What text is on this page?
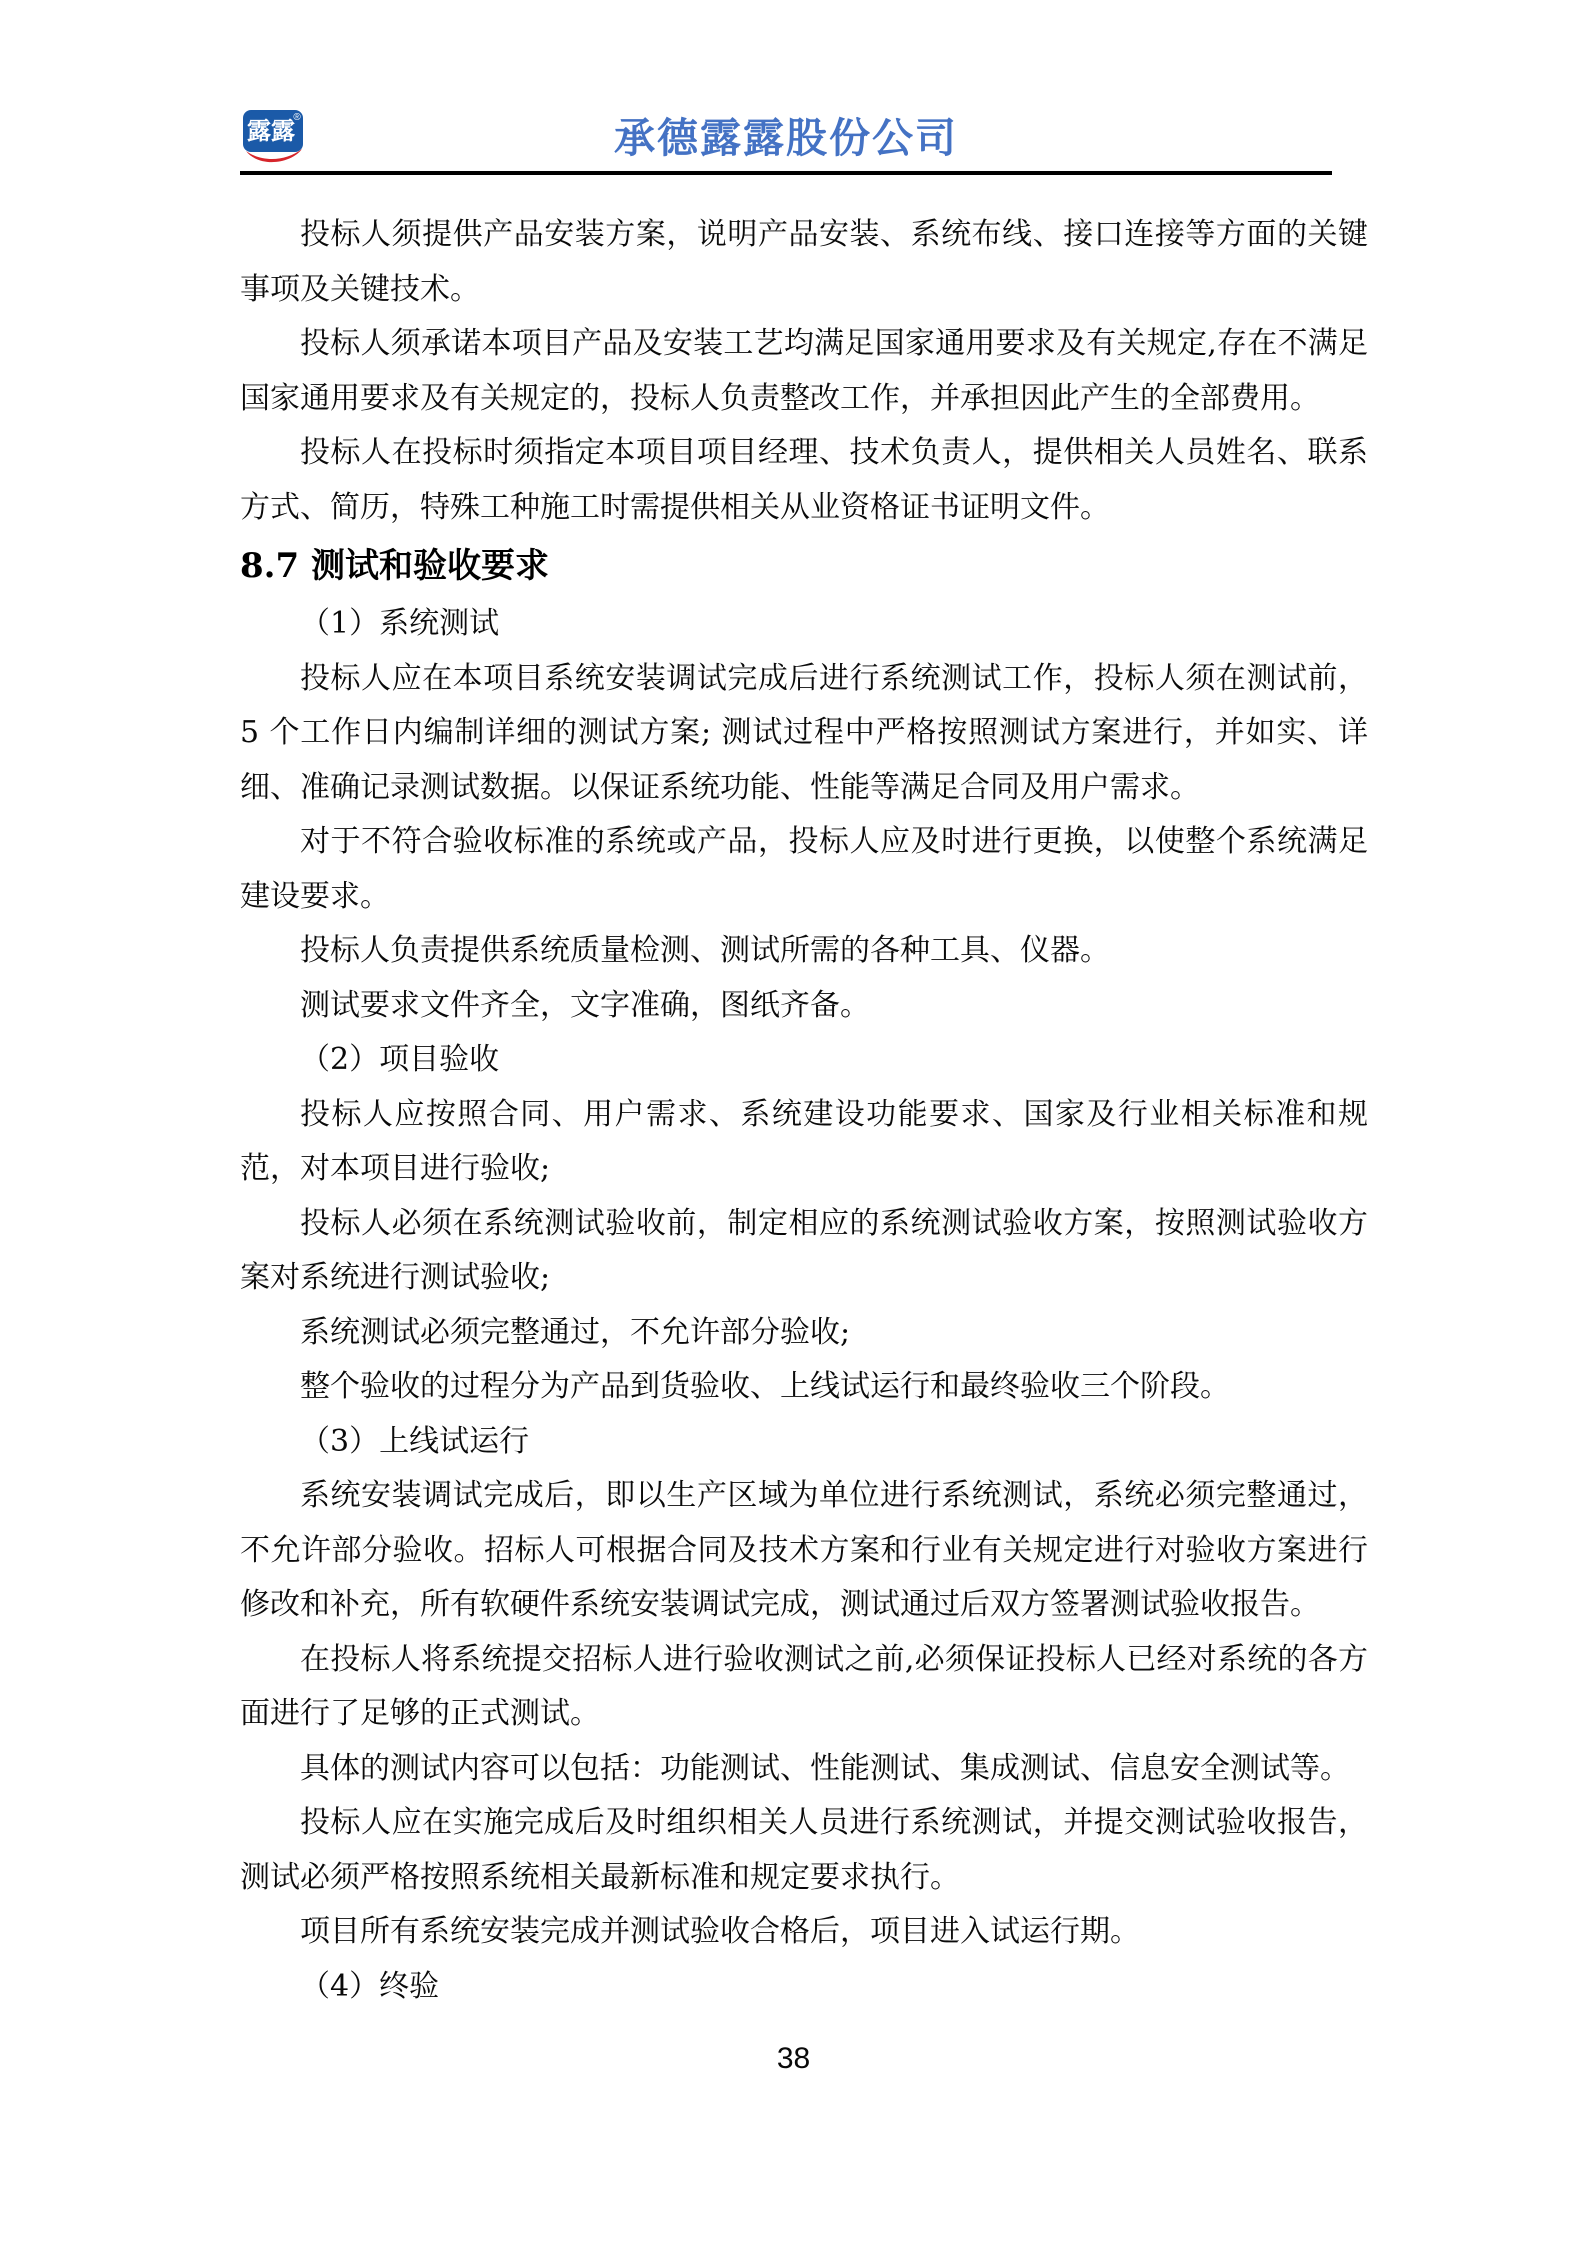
露露
®	承德露露股份公司

投标人须提供产品安装方案，说明产品安装、系统布线、接口连接等方面的关键事项及关键技术。

投标人须承诺本项目产品及安装工艺均满足国家通用要求及有关规定,存在不满足国家通用要求及有关规定的，投标人负责整改工作，并承担因此产生的全部费用。

投标人在投标时须指定本项目项目经理、技术负责人，提供相关人员姓名、联系方式、简历，特殊工种施工时需提供相关从业资格证书证明文件。

8.7 测试和验收要求

（1）系统测试

投标人应在本项目系统安装调试完成后进行系统测试工作，投标人须在测试前，5 个工作日内编制详细的测试方案; 测试过程中严格按照测试方案进行，并如实、详细、准确记录测试数据。以保证系统功能、性能等满足合同及用户需求。

对于不符合验收标准的系统或产品，投标人应及时进行更换，以使整个系统满足建设要求。

投标人负责提供系统质量检测、测试所需的各种工具、仪器。

测试要求文件齐全，文字准确，图纸齐备。

（2）项目验收

投标人应按照合同、用户需求、系统建设功能要求、国家及行业相关标准和规范，对本项目进行验收;

投标人必须在系统测试验收前，制定相应的系统测试验收方案，按照测试验收方案对系统进行测试验收;

系统测试必须完整通过，不允许部分验收;

整个验收的过程分为产品到货验收、上线试运行和最终验收三个阶段。

（3）上线试运行

系统安装调试完成后，即以生产区域为单位进行系统测试，系统必须完整通过，不允许部分验收。招标人可根据合同及技术方案和行业有关规定进行对验收方案进行修改和补充，所有软硬件系统安装调试完成，测试通过后双方签署测试验收报告。

在投标人将系统提交招标人进行验收测试之前,必须保证投标人已经对系统的各方面进行了足够的正式测试。

具体的测试内容可以包括：功能测试、性能测试、集成测试、信息安全测试等。

投标人应在实施完成后及时组织相关人员进行系统测试，并提交测试验收报告，测试必须严格按照系统相关最新标准和规定要求执行。

项目所有系统安装完成并测试验收合格后，项目进入试运行期。

（4）终验

38
